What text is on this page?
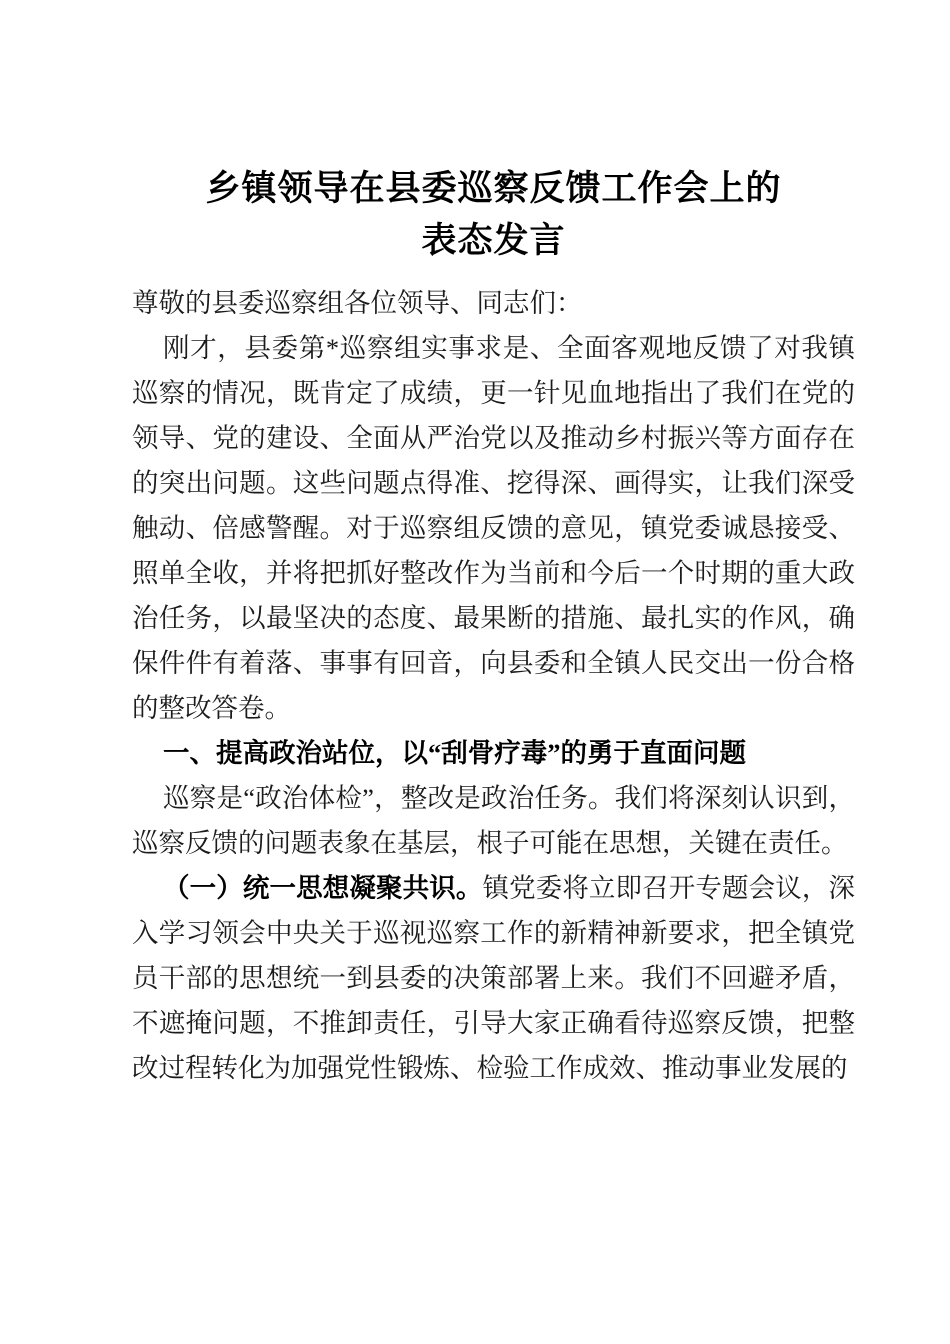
乡镇领导在县委巡察反馈工作会上的
表态发言

尊敬的县委巡察组各位领导、同志们：

刚才，县委第*巡察组实事求是、全面客观地反馈了对我镇巡察的情况，既肯定了成绩，更一针见血地指出了我们在党的领导、党的建设、全面从严治党以及推动乡村振兴等方面存在的突出问题。这些问题点得准、挖得深、画得实，让我们深受触动、倍感警醒。对于巡察组反馈的意见，镇党委诚恳接受、照单全收，并将把抓好整改作为当前和今后一个时期的重大政治任务，以最坚决的态度、最果断的措施、最扎实的作风，确保件件有着落、事事有回音，向县委和全镇人民交出一份合格的整改答卷。

一、提高政治站位，以“刮骨疗毒”的勇于直面问题

巡察是“政治体检”，整改是政治任务。我们将深刻认识到，巡察反馈的问题表象在基层，根子可能在思想，关键在责任。

（一）统一思想凝聚共识。镇党委将立即召开专题会议，深入学习领会中央关于巡视巡察工作的新精神新要求，把全镇党员干部的思想统一到县委的决策部署上来。我们不回避矛盾，不遮掩问题，不推卸责任，引导大家正确看待巡察反馈，把整改过程转化为加强党性锻炼、检验工作成效、推动事业发展的
